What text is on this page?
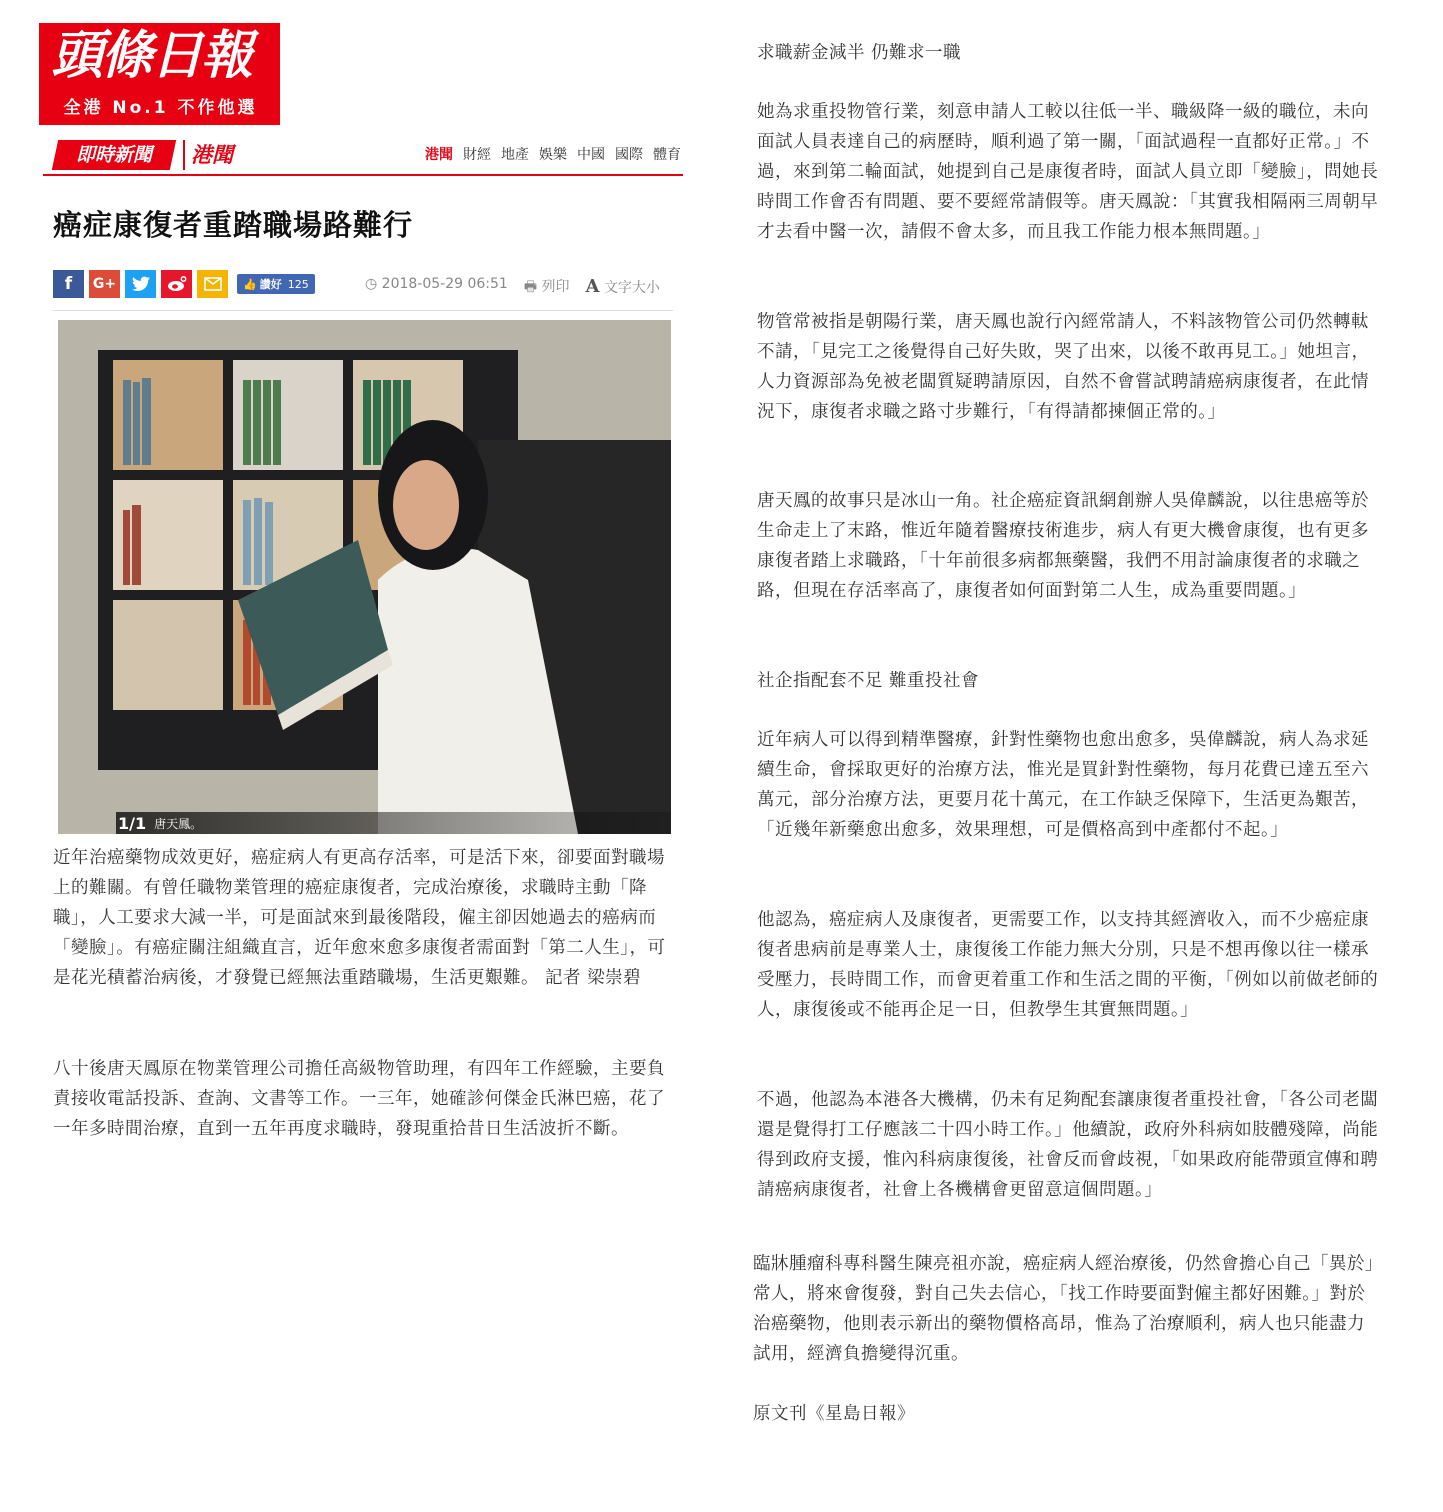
頭條日報
全港 No.1 不作他選
即時新聞	港聞	港聞 財經 地產 娛樂 中國 國際 體育
癌症康復者重踏職場路難行
f G+	👍 讚好 125	◷ 2018-05-29 06:51 🖶 列印 A 文字大小
1/1 唐天鳳。

近年治癌藥物成效更好，癌症病人有更高存活率，可是活下來，卻要面對職場上的難關。有曾任職物業管理的癌症康復者，完成治療後，求職時主動「降職」，人工要求大減一半，可是面試來到最後階段，僱主卻因她過去的癌病而「變臉」。有癌症關注組織直言，近年愈來愈多康復者需面對「第二人生」，可是花光積蓄治病後，才發覺已經無法重踏職場，生活更艱難。 記者 梁崇碧

八十後唐天鳳原在物業管理公司擔任高級物管助理，有四年工作經驗，主要負責接收電話投訴、查詢、文書等工作。一三年，她確診何傑金氏淋巴癌，花了一年多時間治療，直到一五年再度求職時，發現重拾昔日生活波折不斷。

求職薪金減半 仍難求一職

她為求重投物管行業，刻意申請人工較以往低一半、職級降一級的職位，未向面試人員表達自己的病歷時，順利過了第一關，「面試過程一直都好正常。」不過，來到第二輪面試，她提到自己是康復者時，面試人員立即「變臉」，問她長時間工作會否有問題、要不要經常請假等。唐天鳳說：「其實我相隔兩三周朝早才去看中醫一次，請假不會太多，而且我工作能力根本無問題。」

物管常被指是朝陽行業，唐天鳳也說行內經常請人，不料該物管公司仍然轉軚不請，「見完工之後覺得自己好失敗，哭了出來，以後不敢再見工。」她坦言，人力資源部為免被老闆質疑聘請原因，自然不會嘗試聘請癌病康復者，在此情況下，康復者求職之路寸步難行，「有得請都揀個正常的。」

唐天鳳的故事只是冰山一角。社企癌症資訊網創辦人吳偉麟說，以往患癌等於生命走上了末路，惟近年隨着醫療技術進步，病人有更大機會康復，也有更多康復者踏上求職路，「十年前很多病都無藥醫，我們不用討論康復者的求職之路，但現在存活率高了，康復者如何面對第二人生，成為重要問題。」

社企指配套不足 難重投社會

近年病人可以得到精準醫療，針對性藥物也愈出愈多，吳偉麟說，病人為求延續生命，會採取更好的治療方法，惟光是買針對性藥物，每月花費已達五至六萬元，部分治療方法，更要月花十萬元，在工作缺乏保障下，生活更為艱苦，「近幾年新藥愈出愈多，效果理想，可是價格高到中產都付不起。」

他認為，癌症病人及康復者，更需要工作，以支持其經濟收入，而不少癌症康復者患病前是專業人士，康復後工作能力無大分別，只是不想再像以往一樣承受壓力，長時間工作，而會更着重工作和生活之間的平衡，「例如以前做老師的人，康復後或不能再企足一日，但教學生其實無問題。」

不過，他認為本港各大機構，仍未有足夠配套讓康復者重投社會，「各公司老闆還是覺得打工仔應該二十四小時工作。」他續說，政府外科病如肢體殘障，尚能得到政府支援，惟內科病康復後，社會反而會歧視，「如果政府能帶頭宣傳和聘請癌病康復者，社會上各機構會更留意這個問題。」

臨牀腫瘤科專科醫生陳亮祖亦說，癌症病人經治療後，仍然會擔心自己「異於」常人，將來會復發，對自己失去信心，「找工作時要面對僱主都好困難。」對於治癌藥物，他則表示新出的藥物價格高昂，惟為了治療順利，病人也只能盡力試用，經濟負擔變得沉重。

原文刊《星島日報》
